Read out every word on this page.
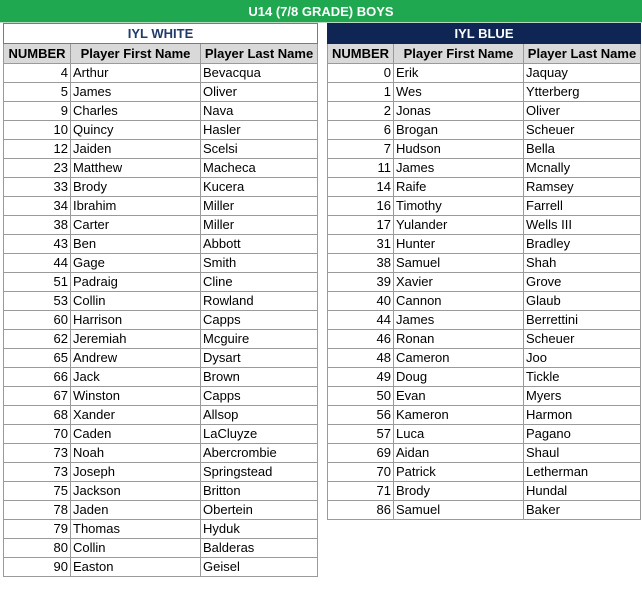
U14 (7/8 GRADE) BOYS
IYL WHITE		
NUMBER	Player First Name	Player Last Name
4	Arthur	Bevacqua
5	James	Oliver
9	Charles	Nava
10	Quincy	Hasler
12	Jaiden	Scelsi
23	Matthew	Macheca
33	Brody	Kucera
34	Ibrahim	Miller
38	Carter	Miller
43	Ben	Abbott
44	Gage	Smith
51	Padraig	Cline
53	Collin	Rowland
60	Harrison	Capps
62	Jeremiah	Mcguire
65	Andrew	Dysart
66	Jack	Brown
67	Winston	Capps
68	Xander	Allsop
70	Caden	LaCluyze
73	Noah	Abercrombie
73	Joseph	Springstead
75	Jackson	Britton
78	Jaden	Obertein
79	Thomas	Hyduk
80	Collin	Balderas
90	Easton	Geisel
IYL BLUE		
NUMBER	Player First Name	Player Last Name
0	Erik	Jaquay
1	Wes	Ytterberg
2	Jonas	Oliver
6	Brogan	Scheuer
7	Hudson	Bella
11	James	Mcnally
14	Raife	Ramsey
16	Timothy	Farrell
17	Yulander	Wells III
31	Hunter	Bradley
38	Samuel	Shah
39	Xavier	Grove
40	Cannon	Glaub
44	James	Berrettini
46	Ronan	Scheuer
48	Cameron	Joo
49	Doug	Tickle
50	Evan	Myers
56	Kameron	Harmon
57	Luca	Pagano
69	Aidan	Shaul
70	Patrick	Letherman
71	Brody	Hundal
86	Samuel	Baker
